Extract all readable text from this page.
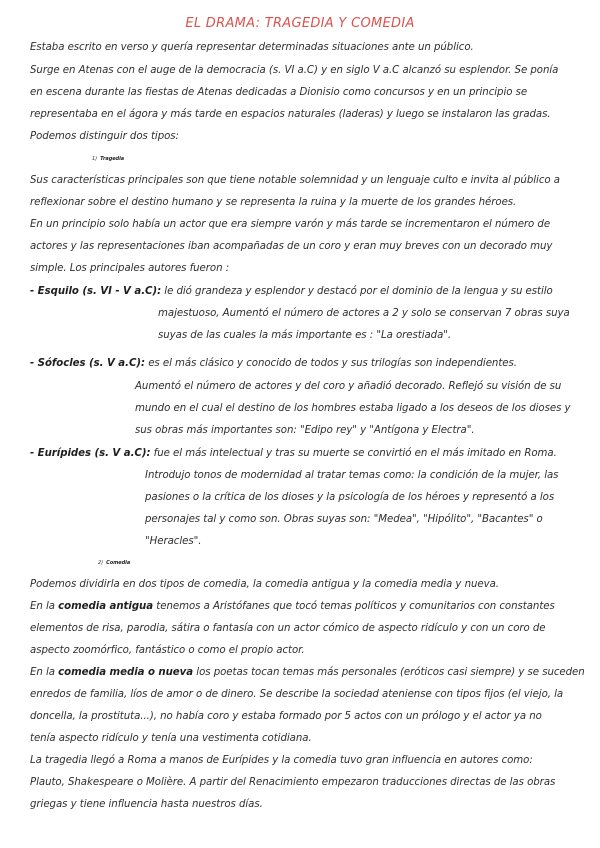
EL DRAMA: TRAGEDIA Y COMEDIA
Estaba escrito en verso y quería representar determinadas situaciones ante un público.
Surge en Atenas con el auge de la democracia (s. VI a.C) y en siglo V a.C alcanzó su esplendor. Se ponía
en escena durante las fiestas de Atenas dedicadas a Dionisio como concursos y en un principio se
representaba en el ágora y más tarde en espacios naturales (laderas) y luego se instalaron las gradas.
Podemos distinguir dos tipos:
1) Tragedia
Sus características principales son que tiene notable solemnidad y un lenguaje culto e invita al público a
reflexionar sobre el destino humano y se representa la ruina y la muerte de los grandes héroes.
En un principio solo había un actor que era siempre varón y más tarde se incrementaron el número de
actores y las representaciones iban acompañadas de un coro y eran muy breves con un decorado muy
simple. Los principales autores fueron :
- Esquilo (s. VI - V a.C): le dió grandeza y esplendor y destacó por el dominio de la lengua y su estilo
majestuoso, Aumentó el número de actores a 2 y solo se conservan 7 obras suya
suyas de las cuales la más importante es : "La orestiada".
- Sófocles (s. V a.C): es el más clásico y conocido de todos y sus trilogías son independientes.
Aumentó el número de actores y del coro y añadió decorado. Reflejó su visión de su
mundo en el cual el destino de los hombres estaba ligado a los deseos de los dioses y
sus obras más importantes son: "Edipo rey" y "Antígona y Electra".
- Eurípides (s. V a.C): fue el más intelectual y tras su muerte se convirtió en el más imitado en Roma.
Introdujo tonos de modernidad al tratar temas como: la condición de la mujer, las
pasiones o la crítica de los dioses y la psicología de los héroes y representó a los
personajes tal y como son. Obras suyas son: "Medea", "Hipólito", "Bacantes" o
"Heracles".
2) Comedia
Podemos dividirla en dos tipos de comedia, la comedia antigua y la comedia media y nueva.
En la comedia antigua tenemos a Aristófanes que tocó temas políticos y comunitarios con constantes
elementos de risa, parodia, sátira o fantasía con un actor cómico de aspecto ridículo y con un coro de
aspecto zoomórfico, fantástico o como el propio actor.
En la comedia media o nueva los poetas tocan temas más personales (eróticos casi siempre) y se suceden
enredos de familia, líos de amor o de dinero. Se describe la sociedad ateniense con tipos fijos (el viejo, la
doncella, la prostituta...), no había coro y estaba formado por 5 actos con un prólogo y el actor ya no
tenía aspecto ridículo y tenía una vestimenta cotidiana.
La tragedia llegó a Roma a manos de Eurípides y la comedia tuvo gran influencia en autores como:
Plauto, Shakespeare o Molière. A partir del Renacimiento empezaron traducciones directas de las obras
griegas y tiene influencia hasta nuestros días.
